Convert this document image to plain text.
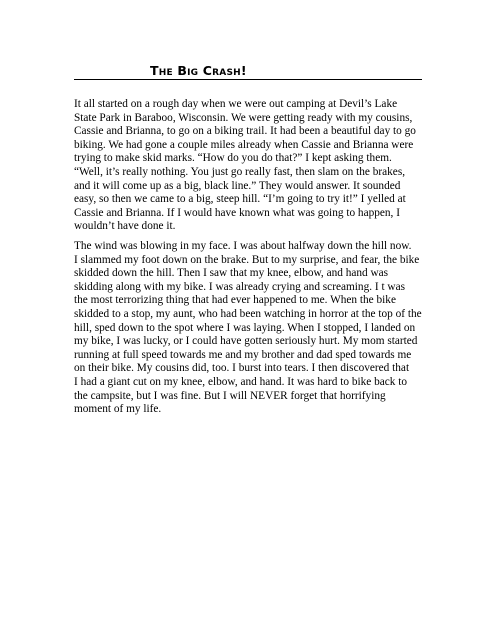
The Big Crash!

It all started on a rough day when we were out camping at Devil’s Lake
State Park in Baraboo, Wisconsin. We were getting ready with my cousins,
Cassie and Brianna, to go on a biking trail. It had been a beautiful day to go
biking. We had gone a couple miles already when Cassie and Brianna were
trying to make skid marks. “How do you do that?” I kept asking them.
“Well, it’s really nothing. You just go really fast, then slam on the brakes,
and it will come up as a big, black line.” They would answer. It sounded
easy, so then we came to a big, steep hill. “I’m going to try it!” I yelled at
Cassie and Brianna. If I would have known what was going to happen, I
wouldn’t have done it.

The wind was blowing in my face. I was about halfway down the hill now.
I slammed my foot down on the brake. But to my surprise, and fear, the bike
skidded down the hill. Then I saw that my knee, elbow, and hand was
skidding along with my bike. I was already crying and screaming. I t was
the most terrorizing thing that had ever happened to me. When the bike
skidded to a stop, my aunt, who had been watching in horror at the top of the
hill, sped down to the spot where I was laying. When I stopped, I landed on
my bike, I was lucky, or I could have gotten seriously hurt. My mom started
running at full speed towards me and my brother and dad sped towards me
on their bike. My cousins did, too. I burst into tears. I then discovered that
I had a giant cut on my knee, elbow, and hand. It was hard to bike back to
the campsite, but I was fine. But I will NEVER forget that horrifying
moment of my life.
